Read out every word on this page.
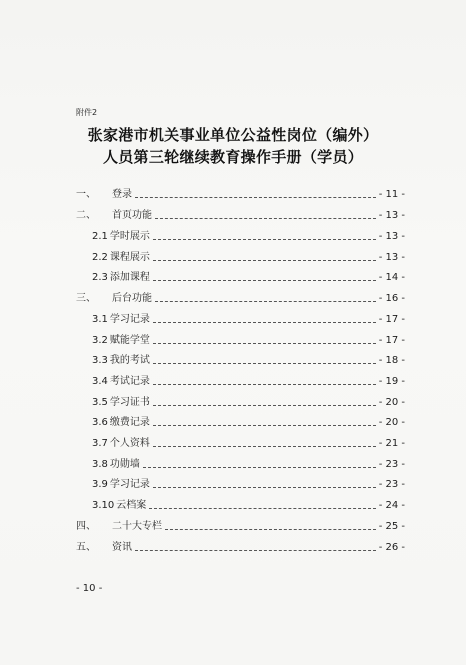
附件2
张家港市机关事业单位公益性岗位（编外）
人员第三轮继续教育操作手册（学员）
一、 登录	- 11 -
二、 首页功能	- 13 -
2.1 学时展示	- 13 -
2.2 课程展示	- 13 -
2.3 添加课程	- 14 -
三、 后台功能	- 16 -
3.1 学习记录	- 17 -
3.2 赋能学堂	- 17 -
3.3 我的考试	- 18 -
3.4 考试记录	- 19 -
3.5 学习证书	- 20 -
3.6 缴费记录	- 20 -
3.7 个人资料	- 21 -
3.8 功勋墙	- 23 -
3.9 学习记录	- 23 -
3.10 云档案	- 24 -
四、 二十大专栏	- 25 -
五、 资讯	- 26 -
- 10 -
